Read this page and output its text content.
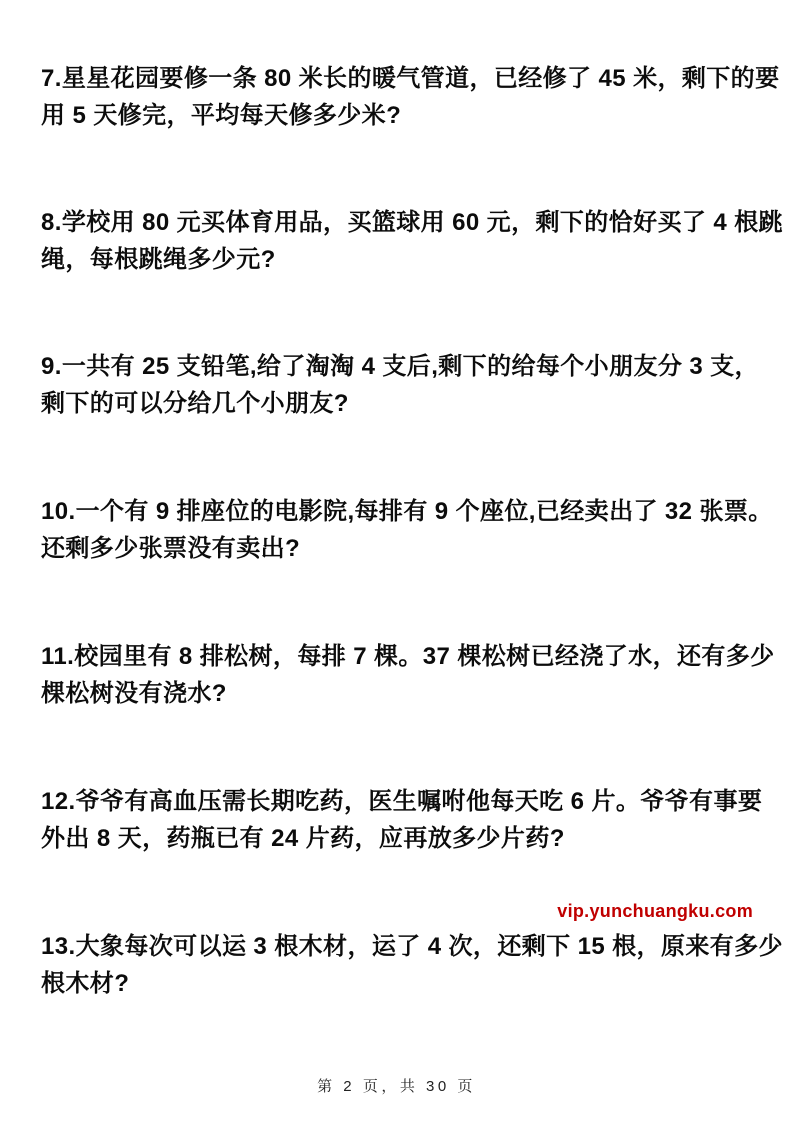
7.星星花园要修一条 80 米长的暖气管道，已经修了 45 米，剩下的要
用 5 天修完，平均每天修多少米?
8.学校用 80 元买体育用品，买篮球用 60 元，剩下的恰好买了 4 根跳
绳，每根跳绳多少元?
9.一共有 25 支铅笔,给了淘淘 4 支后,剩下的给每个小朋友分 3 支，
剩下的可以分给几个小朋友?
10.一个有 9 排座位的电影院,每排有 9 个座位,已经卖出了 32 张票。
还剩多少张票没有卖出?
11.校园里有 8 排松树，每排 7 棵。37 棵松树已经浇了水，还有多少
棵松树没有浇水?
12.爷爷有高血压需长期吃药，医生嘱咐他每天吃 6 片。爷爷有事要
外出 8 天，药瓶已有 24 片药，应再放多少片药?
vip.yunchuangku.com
13.大象每次可以运 3 根木材，运了 4 次，还剩下 15 根，原来有多少
根木材?
第 2 页，共 30 页
